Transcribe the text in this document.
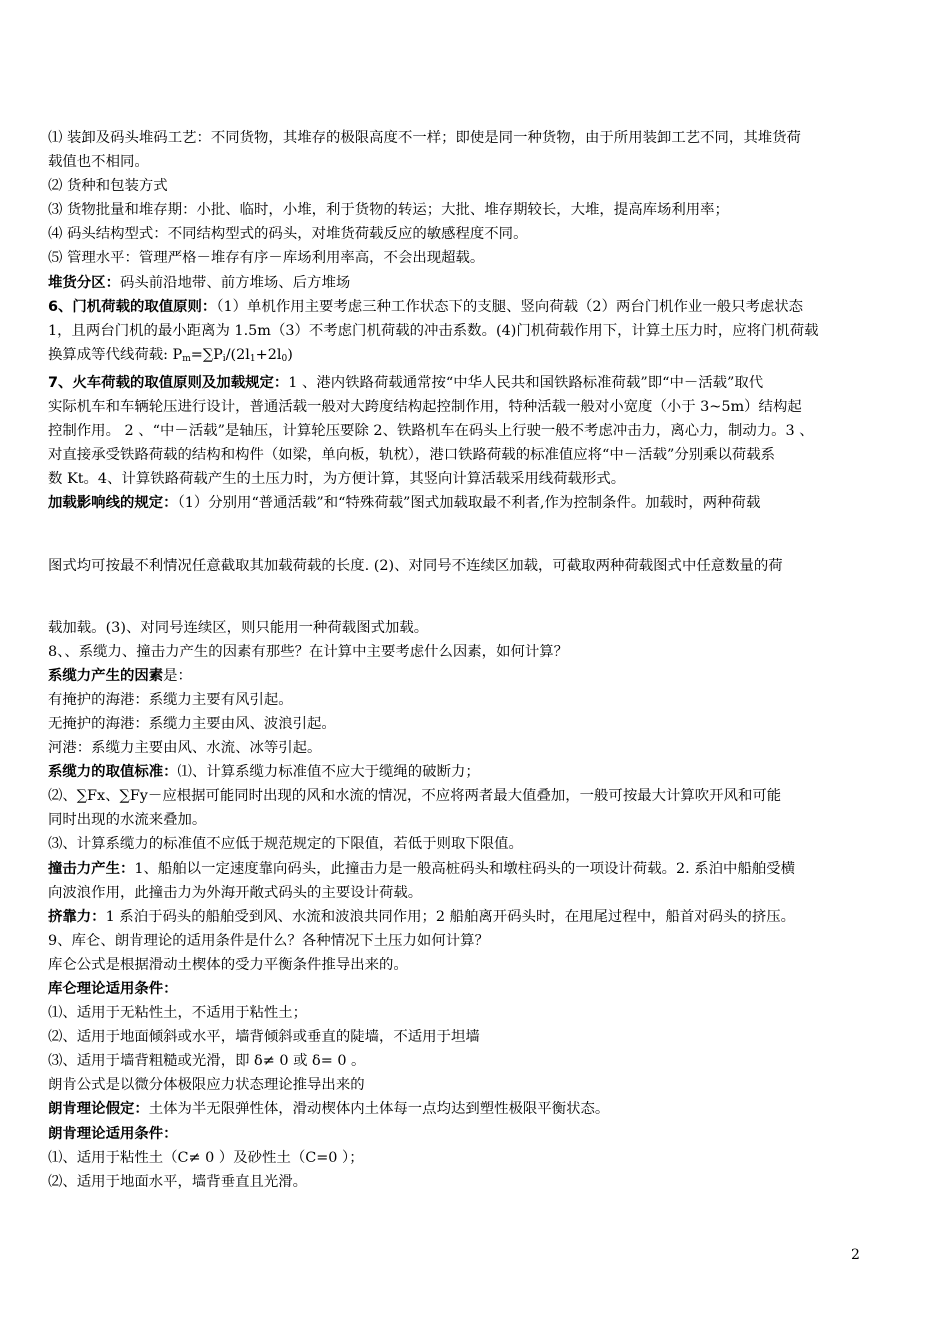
⑴ 装卸及码头堆码工艺：不同货物，其堆存的极限高度不一样；即使是同一种货物，由于所用装卸工艺不同，其堆货荷
载值也不相同。
⑵ 货种和包装方式
⑶ 货物批量和堆存期：小批、临时，小堆，利于货物的转运；大批、堆存期较长，大堆，提高库场利用率；
⑷ 码头结构型式：不同结构型式的码头，对堆货荷载反应的敏感程度不同。
⑸ 管理水平：管理严格－堆存有序－库场利用率高，不会出现超载。
堆货分区：码头前沿地带、前方堆场、后方堆场
6、门机荷载的取值原则：（1）单机作用主要考虑三种工作状态下的支腿、竖向荷载（2）两台门机作业一般只考虑状态
1，且两台门机的最小距离为 1.5m（3）不考虑门机荷载的冲击系数。(4)门机荷载作用下，计算土压力时，应将门机荷载
换算成等代线荷载: $P_m=\sum P_i/(2l_1+2l_0)$
7、火车荷载的取值原则及加载规定：1 、港内铁路荷载通常按“中华人民共和国铁路标准荷载”即“中－活载”取代
实际机车和车辆轮压进行设计，普通活载一般对大跨度结构起控制作用，特种活载一般对小宽度（小于 3~5m）结构起
控制作用。 2 、“中－活载”是轴压，计算轮压要除 2、铁路机车在码头上行驶一般不考虑冲击力，离心力，制动力。3 、
对直接承受铁路荷载的结构和构件（如梁，单向板，轨枕），港口铁路荷载的标准值应将“中－活载”分别乘以荷载系
数 Kt。4、计算铁路荷载产生的土压力时，为方便计算，其竖向计算活载采用线荷载形式。
加载影响线的规定：（1）分别用“普通活载”和“特殊荷载”图式加载取最不利者,作为控制条件。加载时，两种荷载
图式均可按最不利情况任意截取其加载荷载的长度. (2)、对同号不连续区加载，可截取两种荷载图式中任意数量的荷
载加载。(3)、对同号连续区，则只能用一种荷载图式加载。
8、、系缆力、撞击力产生的因素有那些？在计算中主要考虑什么因素，如何计算？
系缆力产生的因素是：
有掩护的海港：系缆力主要有风引起。
无掩护的海港：系缆力主要由风、波浪引起。
河港：系缆力主要由风、水流、冰等引起。
系缆力的取值标准：⑴、计算系缆力标准值不应大于缆绳的破断力；
⑵、∑Fx、∑Fy－应根据可能同时出现的风和水流的情况，不应将两者最大值叠加，一般可按最大计算吹开风和可能
同时出现的水流来叠加。
⑶、计算系缆力的标准值不应低于规范规定的下限值，若低于则取下限值。
撞击力产生：1、船舶以一定速度靠向码头，此撞击力是一般高桩码头和墩柱码头的一项设计荷载。2. 系泊中船舶受横
向波浪作用，此撞击力为外海开敞式码头的主要设计荷载。
挤靠力：1 系泊于码头的船舶受到风、水流和波浪共同作用；2 船舶离开码头时，在甩尾过程中，船首对码头的挤压。
9、库仑、朗肯理论的适用条件是什么？各种情况下土压力如何计算？
库仑公式是根据滑动土楔体的受力平衡条件推导出来的。
库仑理论适用条件：
⑴、适用于无粘性土，不适用于粘性土；
⑵、适用于地面倾斜或水平，墙背倾斜或垂直的陡墙，不适用于坦墙
⑶、适用于墙背粗糙或光滑，即 δ≠ 0 或 δ= 0 。
朗肯公式是以微分体极限应力状态理论推导出来的
朗肯理论假定：土体为半无限弹性体，滑动楔体内土体每一点均达到塑性极限平衡状态。
朗肯理论适用条件：
⑴、适用于粘性土（C≠ 0 ）及砂性土（C=0 ）；
⑵、适用于地面水平，墙背垂直且光滑。
2
